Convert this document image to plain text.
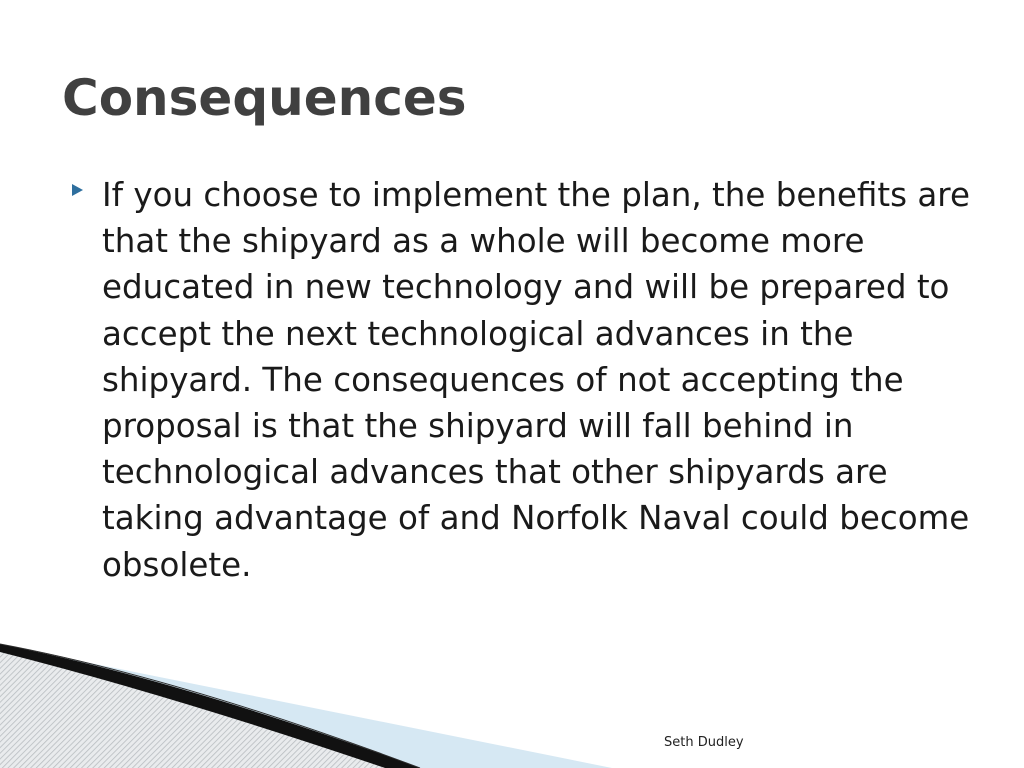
Consequences
If you choose to implement the plan, the benefits are that the shipyard as a whole will become more educated in new technology and will be prepared to accept the next technological advances in the shipyard. The consequences of not accepting the proposal is that the shipyard will fall behind in technological advances that other shipyards are taking advantage of and Norfolk Naval could become obsolete.
Seth Dudley
